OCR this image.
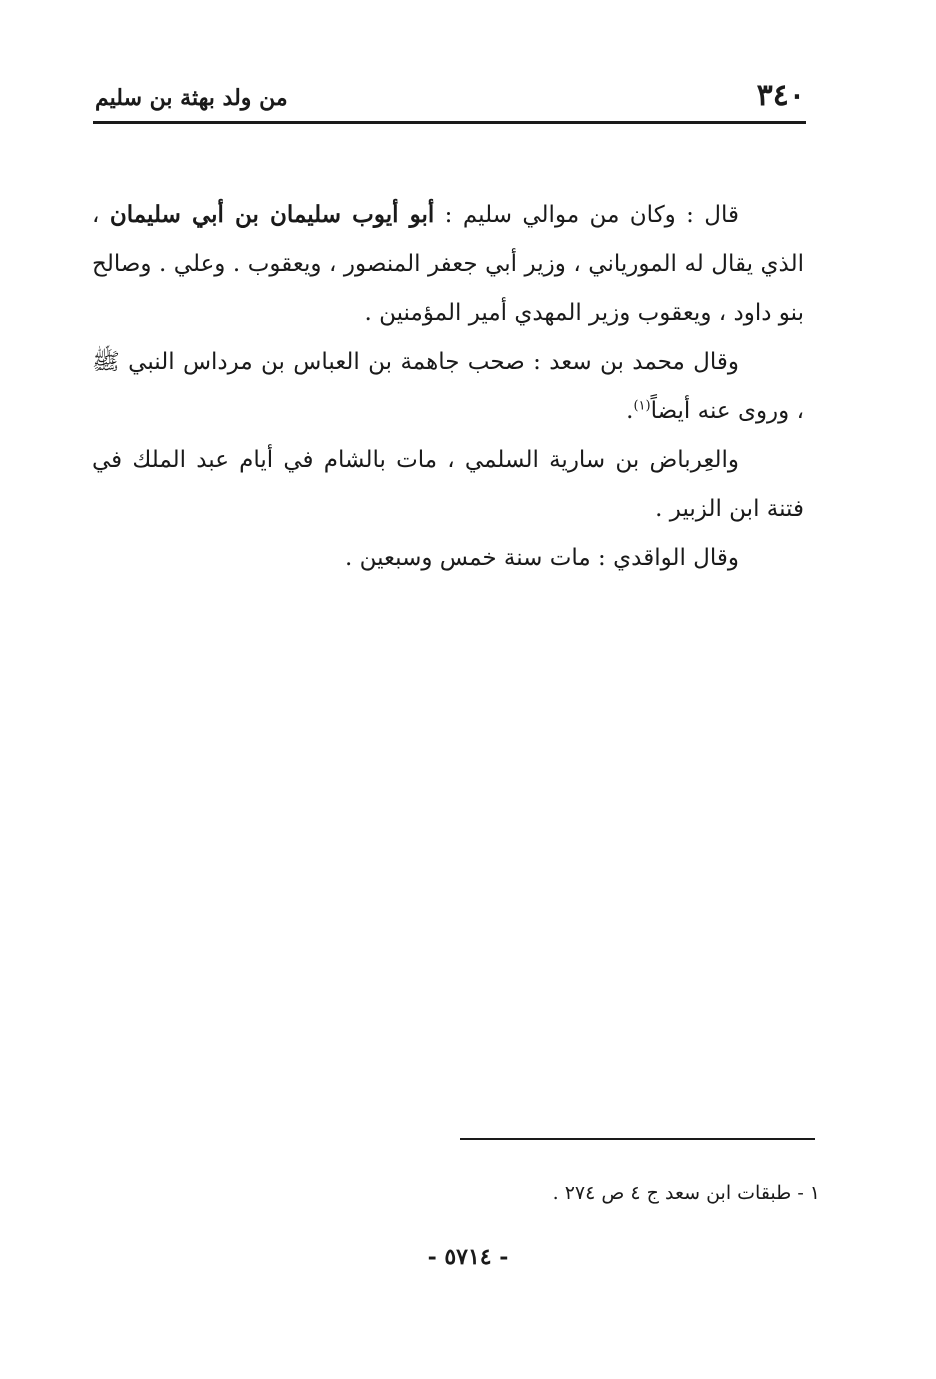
٣٤٠
من ولد بهثة بن سليم

قال : وكان من موالي سليم : أبو أيوب سليمان بن أبي سليمان ، الذي يقال له المورياني ، وزير أبي جعفر المنصور ، ويعقوب . وعلي . وصالح بنو داود ، ويعقوب وزير المهدي أمير المؤمنين .

وقال محمد بن سعد : صحب جاهمة بن العباس بن مرداس النبي ﷺ ، وروى عنه أيضاً$^{(١)}$.

والعِرباض بن سارية السلمي ، مات بالشام في أيام عبد الملك في فتنة ابن الزبير .

وقال الواقدي : مات سنة خمس وسبعين .

١ - طبقات ابن سعد ج ٤ ص ٢٧٤ .
- ٥٧١٤ -
